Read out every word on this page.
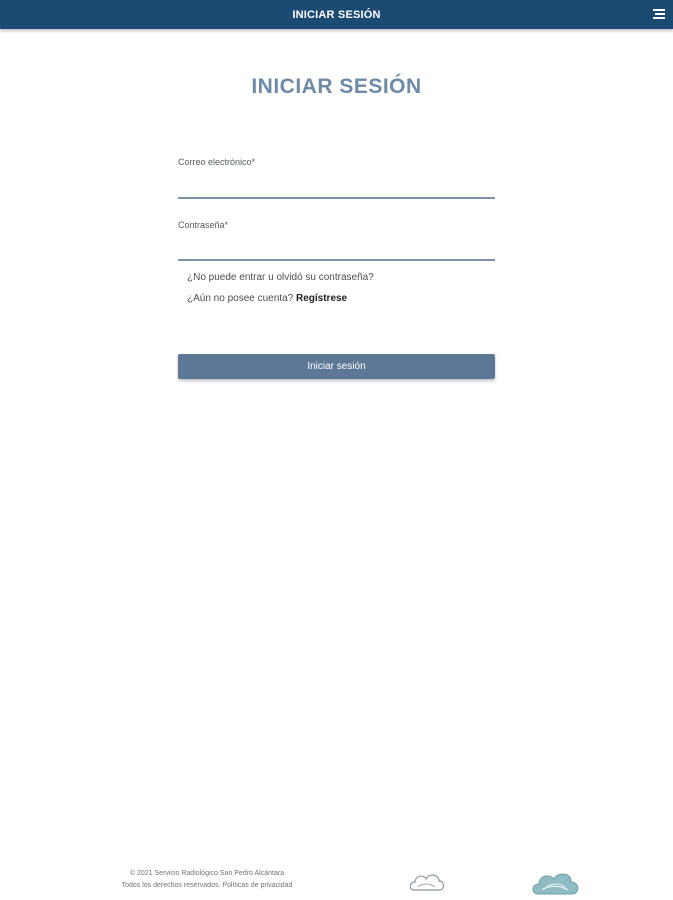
INICIAR SESIÓN
INICIAR SESIÓN
Correo electrónico*
Contraseña*
¿No puede entrar u olvidó su contraseña?
¿Aún no posee cuenta? Regístrese
Iniciar sesión
© 2021 Servicio Radiológico San Pedro Alcántara
Todos los derechos reservados. Políticas de privacidad
